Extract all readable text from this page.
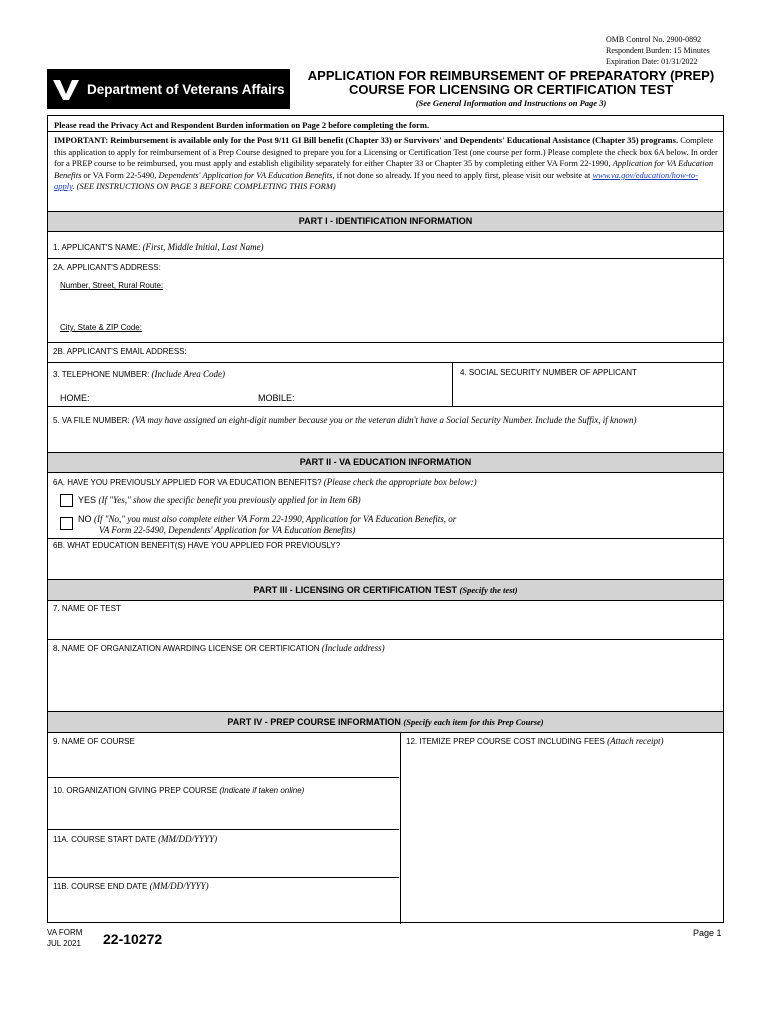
OMB Control No. 2900-0892
Respondent Burden: 15 Minutes
Expiration Date: 01/31/2022
Department of Veterans Affairs
APPLICATION FOR REIMBURSEMENT OF PREPARATORY (PREP)
COURSE FOR LICENSING OR CERTIFICATION TEST
(See General Information and Instructions on Page 3)
Please read the Privacy Act and Respondent Burden information on Page 2 before completing the form.
IMPORTANT: Reimbursement is available only for the Post 9/11 GI Bill benefit (Chapter 33) or Survivors' and Dependents' Educational Assistance (Chapter 35) programs. Complete this application to apply for reimbursement of a Prep Course designed to prepare you for a Licensing or Certification Test (one course per form.) Please complete the check box 6A below. In order for a PREP course to be reimbursed, you must apply and establish eligibility separately for either Chapter 33 or Chapter 35 by completing either VA Form 22-1990, Application for VA Education Benefits or VA Form 22-5490, Dependents' Application for VA Education Benefits, if not done so already. If you need to apply first, please visit our website at www.va.gov/education/how-to-apply. (SEE INSTRUCTIONS ON PAGE 3 BEFORE COMPLETING THIS FORM)
PART I - IDENTIFICATION INFORMATION
1. APPLICANT'S NAME: (First, Middle Initial, Last Name)
2A. APPLICANT'S ADDRESS:
Number, Street, Rural Route:
City, State & ZIP Code:
2B. APPLICANT'S EMAIL ADDRESS:
3. TELEPHONE NUMBER: (Include Area Code)	4. SOCIAL SECURITY NUMBER OF APPLICANT
HOME:	MOBILE:
5. VA FILE NUMBER: (VA may have assigned an eight-digit number because you or the veteran didn't have a Social Security Number. Include the Suffix, if known)
PART II - VA EDUCATION INFORMATION
6A. HAVE YOU PREVIOUSLY APPLIED FOR VA EDUCATION BENEFITS? (Please check the appropriate box below:)
YES (If "Yes," show the specific benefit you previously applied for in Item 6B)
NO (If "No," you must also complete either VA Form 22-1990, Application for VA Education Benefits, or
VA Form 22-5490, Dependents' Application for VA Education Benefits)
6B. WHAT EDUCATION BENEFIT(S) HAVE YOU APPLIED FOR PREVIOUSLY?
PART III - LICENSING OR CERTIFICATION TEST (Specify the test)
7. NAME OF TEST
8. NAME OF ORGANIZATION AWARDING LICENSE OR CERTIFICATION (Include address)
PART IV - PREP COURSE INFORMATION (Specify each item for this Prep Course)
9. NAME OF COURSE	12. ITEMIZE PREP COURSE COST INCLUDING FEES (Attach receipt)
10. ORGANIZATION GIVING PREP COURSE (Indicate if taken online)
11A. COURSE START DATE (MM/DD/YYYY)
11B. COURSE END DATE (MM/DD/YYYY)
VA FORM
JUL 2021 22-10272	Page 1
